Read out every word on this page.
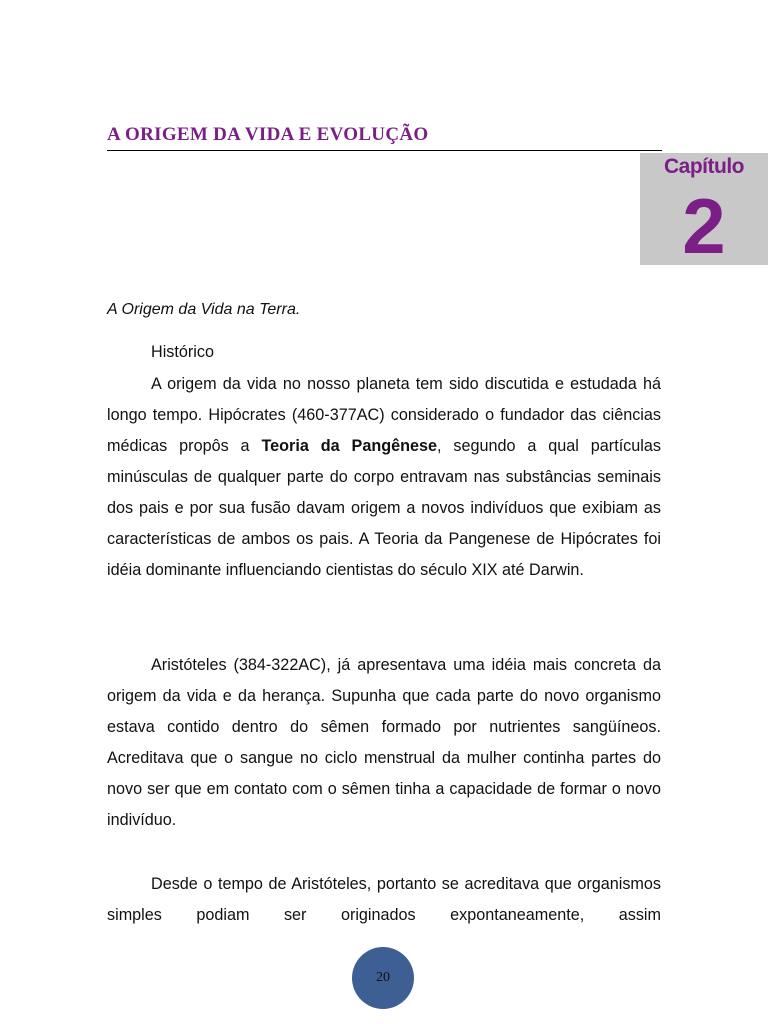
A ORIGEM DA VIDA E EVOLUÇÃO
Capítulo
2
A Origem da Vida na Terra.
Histórico

A origem da vida no nosso planeta tem sido discutida e estudada há longo tempo. Hipócrates (460-377AC) considerado o fundador das ciências médicas propôs a Teoria da Pangênese, segundo a qual partículas minúsculas de qualquer parte do corpo entravam nas substâncias seminais dos pais e por sua fusão davam origem a novos indivíduos que exibiam as características de ambos os pais. A Teoria da Pangenese de Hipócrates foi idéia dominante influenciando cientistas do século XIX até Darwin.

Aristóteles (384-322AC), já apresentava uma idéia mais concreta da origem da vida e da herança. Supunha que cada parte do novo organismo estava contido dentro do sêmen formado por nutrientes sangüíneos. Acreditava que o sangue no ciclo menstrual da mulher continha partes do novo ser que em contato com o sêmen tinha a capacidade de formar o novo indivíduo.

Desde o tempo de Aristóteles, portanto se acreditava que organismos simples podiam ser originados expontaneamente, assim

20
